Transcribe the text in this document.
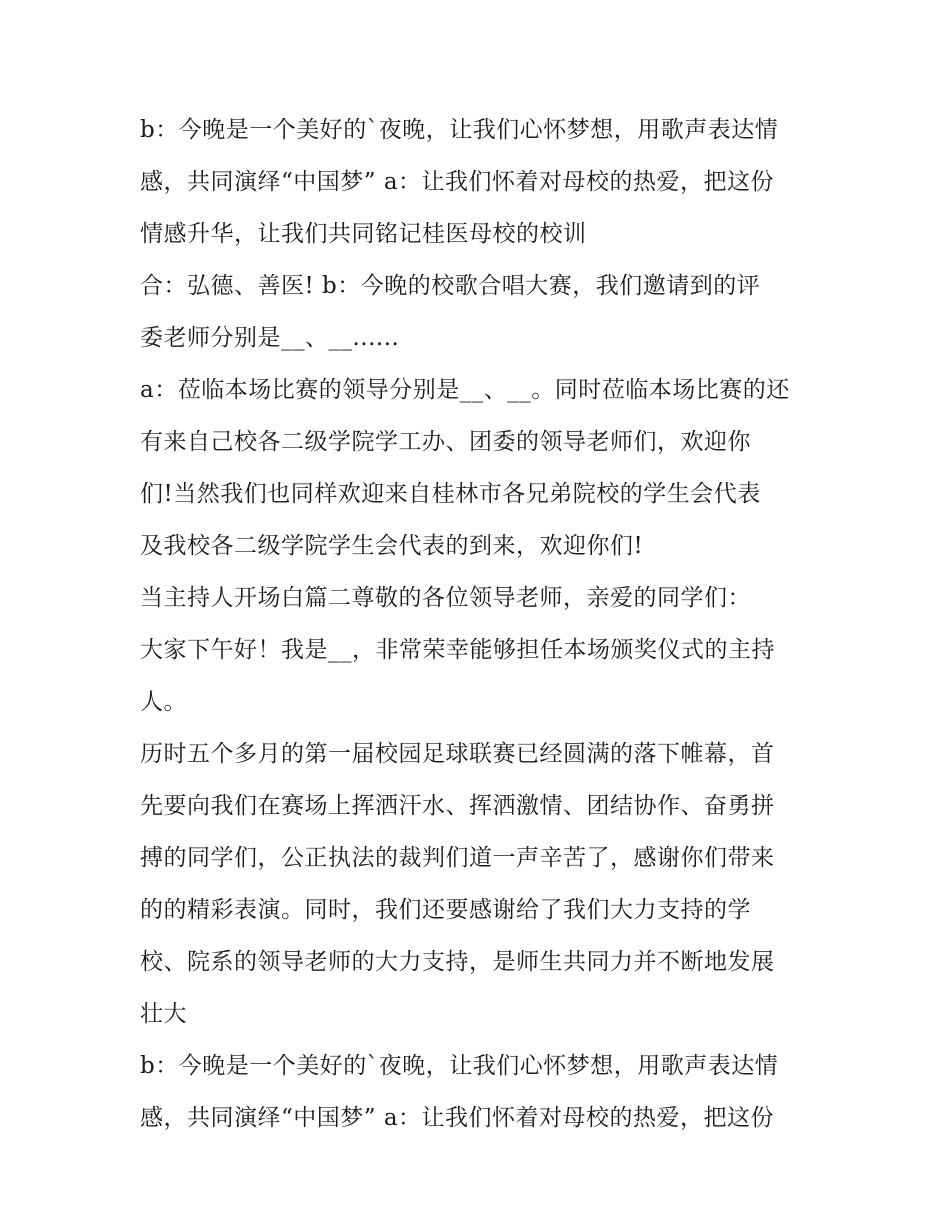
b：今晚是一个美好的`夜晚，让我们心怀梦想，用歌声表达情
感，共同演绎“中国梦” a：让我们怀着对母校的热爱，把这份
情感升华，让我们共同铭记桂医母校的校训
合：弘德、善医! b：今晚的校歌合唱大赛，我们邀请到的评
委老师分别是__、__......
a：莅临本场比赛的领导分别是__、__。同时莅临本场比赛的还
有来自己校各二级学院学工办、团委的领导老师们，欢迎你
们!当然我们也同样欢迎来自桂林市各兄弟院校的学生会代表
及我校各二级学院学生会代表的到来，欢迎你们!
当主持人开场白篇二尊敬的各位领导老师，亲爱的同学们：
大家下午好！我是__，非常荣幸能够担任本场颁奖仪式的主持
人。
历时五个多月的第一届校园足球联赛已经圆满的落下帷幕，首
先要向我们在赛场上挥洒汗水、挥洒激情、团结协作、奋勇拼
搏的同学们，公正执法的裁判们道一声辛苦了，感谢你们带来
的的精彩表演。同时，我们还要感谢给了我们大力支持的学
校、院系的领导老师的大力支持，是师生共同力并不断地发展
壮大
b：今晚是一个美好的`夜晚，让我们心怀梦想，用歌声表达情
感，共同演绎“中国梦” a：让我们怀着对母校的热爱，把这份
